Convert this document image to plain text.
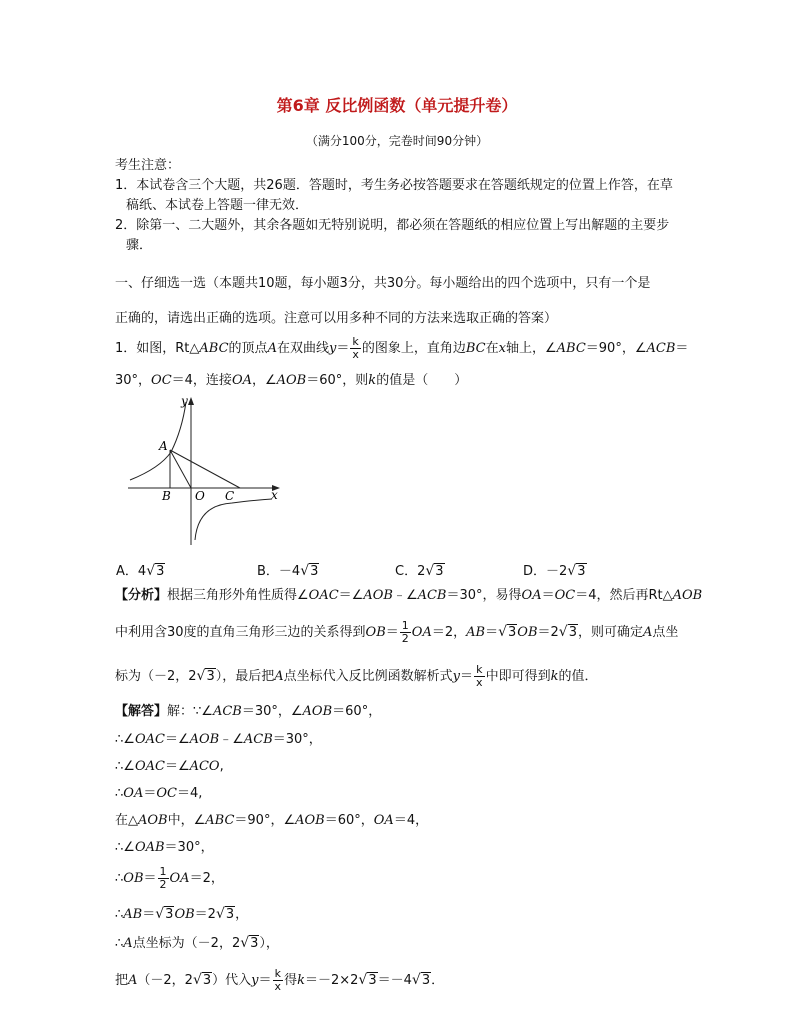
第6章 反比例函数（单元提升卷）
（满分100分，完卷时间90分钟）
考生注意：
1．本试卷含三个大题，共26题．答题时，考生务必按答题要求在答题纸规定的位置上作答，在草
稿纸、本试卷上答题一律无效．
2．除第一、二大题外，其余各题如无特别说明，都必须在答题纸的相应位置上写出解题的主要步
骤．
一、仔细选一选（本题共10题，每小题3分，共30分。每小题给出的四个选项中，只有一个是
正确的，请选出正确的选项。注意可以用多种不同的方法来选取正确的答案）
1．如图，Rt△ABC的顶点A在双曲线$y= \frac{k}{x}$ 的图象上，直角边BC在x轴上，∠ABC＝90°，∠ACB＝
30°，OC＝4，连接OA，∠AOB＝60°，则k的值是（　　）
y
x
A
B O C
A．4√3	B．－4√3	C．2√3	D．－2√3
【分析】根据三角形外角性质得∠OAC＝∠AOB﹣∠ACB＝30°，易得OA＝OC＝4，然后再Rt△AOB
中利用含30度的直角三角形三边的关系得到$OB= \frac{1}{2} OA=2$，AB＝√3OB＝2√3，则可确定A点坐
标为（－2，2√3），最后把A点坐标代入反比例函数解析式$y= \frac{k}{x}$ 中即可得到k的值．
【解答】解：∵∠ACB＝30°，∠AOB＝60°，
∴∠OAC＝∠AOB﹣∠ACB＝30°，
∴∠OAC＝∠ACO,
∴OA＝OC＝4,
在△AOB中，∠ABC＝90°，∠AOB＝60°，OA＝4，
∴∠OAB＝30°，
∴OB＝ $\frac{1}{2} OA=2$，
∴AB＝√3OB＝2√3，
∴A点坐标为（－2，2√3），
把A（－2，2√3）代入$y= \frac{k}{x}$ 得k＝－2×2√3＝－4√3．
